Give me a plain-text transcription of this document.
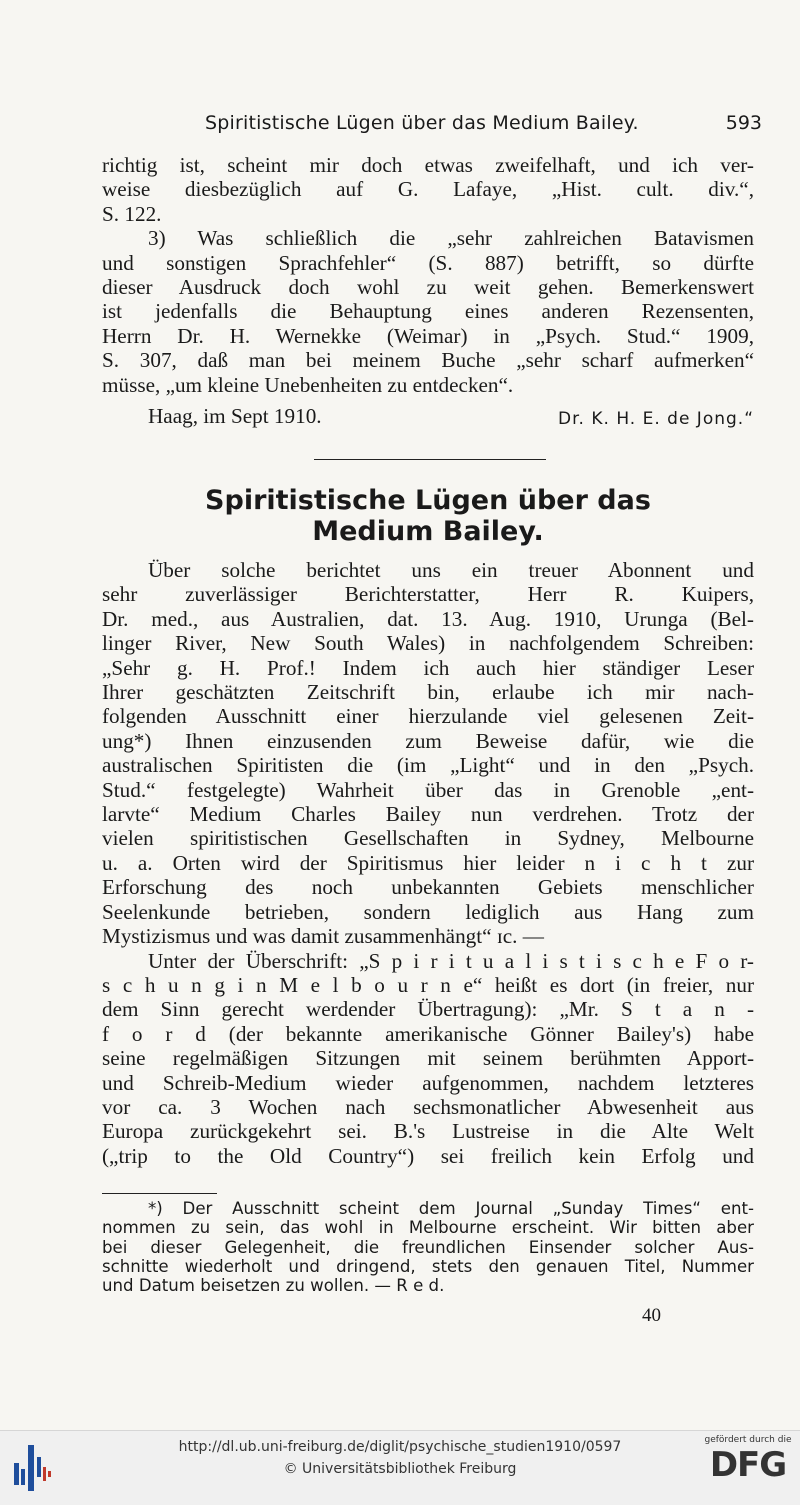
Spiritistische Lügen über das Medium Bailey.	593
richtig ist, scheint mir doch etwas zweifelhaft, und ich ver-
weise diesbezüglich auf G. Lafaye, „Hist. cult. div.“,
S. 122.
3) Was schließlich die „sehr zahlreichen Batavismen
und sonstigen Sprachfehler“ (S. 887) betrifft, so dürfte
dieser Ausdruck doch wohl zu weit gehen. Bemerkenswert
ist jedenfalls die Behauptung eines anderen Rezensenten,
Herrn Dr. H. Wernekke (Weimar) in „Psych. Stud.“ 1909,
S. 307, daß man bei meinem Buche „sehr scharf aufmerken“
müsse, „um kleine Unebenheiten zu entdecken“.
Haag, im Sept 1910.	Dr. K. H. E. de Jong.“
Spiritistische Lügen über das
Medium Bailey.
Über solche berichtet uns ein treuer Abonnent und
sehr zuverlässiger Berichterstatter, Herr R. Kuipers,
Dr. med., aus Australien, dat. 13. Aug. 1910, Urunga (Bel-
linger River, New South Wales) in nachfolgendem Schreiben:
„Sehr g. H. Prof.! Indem ich auch hier ständiger Leser
Ihrer geschätzten Zeitschrift bin, erlaube ich mir nach-
folgenden Ausschnitt einer hierzulande viel gelesenen Zeit-
ung*) Ihnen einzusenden zum Beweise dafür, wie die
australischen Spiritisten die (im „Light“ und in den „Psych.
Stud.“ festgelegte) Wahrheit über das in Grenoble „ent-
larvte“ Medium Charles Bailey nun verdrehen. Trotz der
vielen spiritistischen Gesellschaften in Sydney, Melbourne
u. a. Orten wird der Spiritismus hier leider n i c h t zur
Erforschung des noch unbekannten Gebiets menschlicher
Seelenkunde betrieben, sondern lediglich aus Hang zum
Mystizismus und was damit zusammenhängt“ ɪc. —
Unter der Überschrift: „S p i r i t u a l i s t i s c h e F o r-
s c h u n g i n M e l b o u r n e“ heißt es dort (in freier, nur
dem Sinn gerecht werdender Übertragung): „Mr. S t a n -
f o r d (der bekannte amerikanische Gönner Bailey's) habe
seine regelmäßigen Sitzungen mit seinem berühmten Apport-
und Schreib-Medium wieder aufgenommen, nachdem letzteres
vor ca. 3 Wochen nach sechsmonatlicher Abwesenheit aus
Europa zurückgekehrt sei. B.'s Lustreise in die Alte Welt
(„trip to the Old Country“) sei freilich kein Erfolg und
*) Der Ausschnitt scheint dem Journal „Sunday Times“ ent-
nommen zu sein, das wohl in Melbourne erscheint. Wir bitten aber
bei dieser Gelegenheit, die freundlichen Einsender solcher Aus-
schnitte wiederholt und dringend, stets den genauen Titel, Nummer
und Datum beisetzen zu wollen. — R e d.
40
http://dl.ub.uni-freiburg.de/diglit/psychische_studien1910/0597
© Universitätsbibliothek Freiburg
gefördert durch die
DFG
